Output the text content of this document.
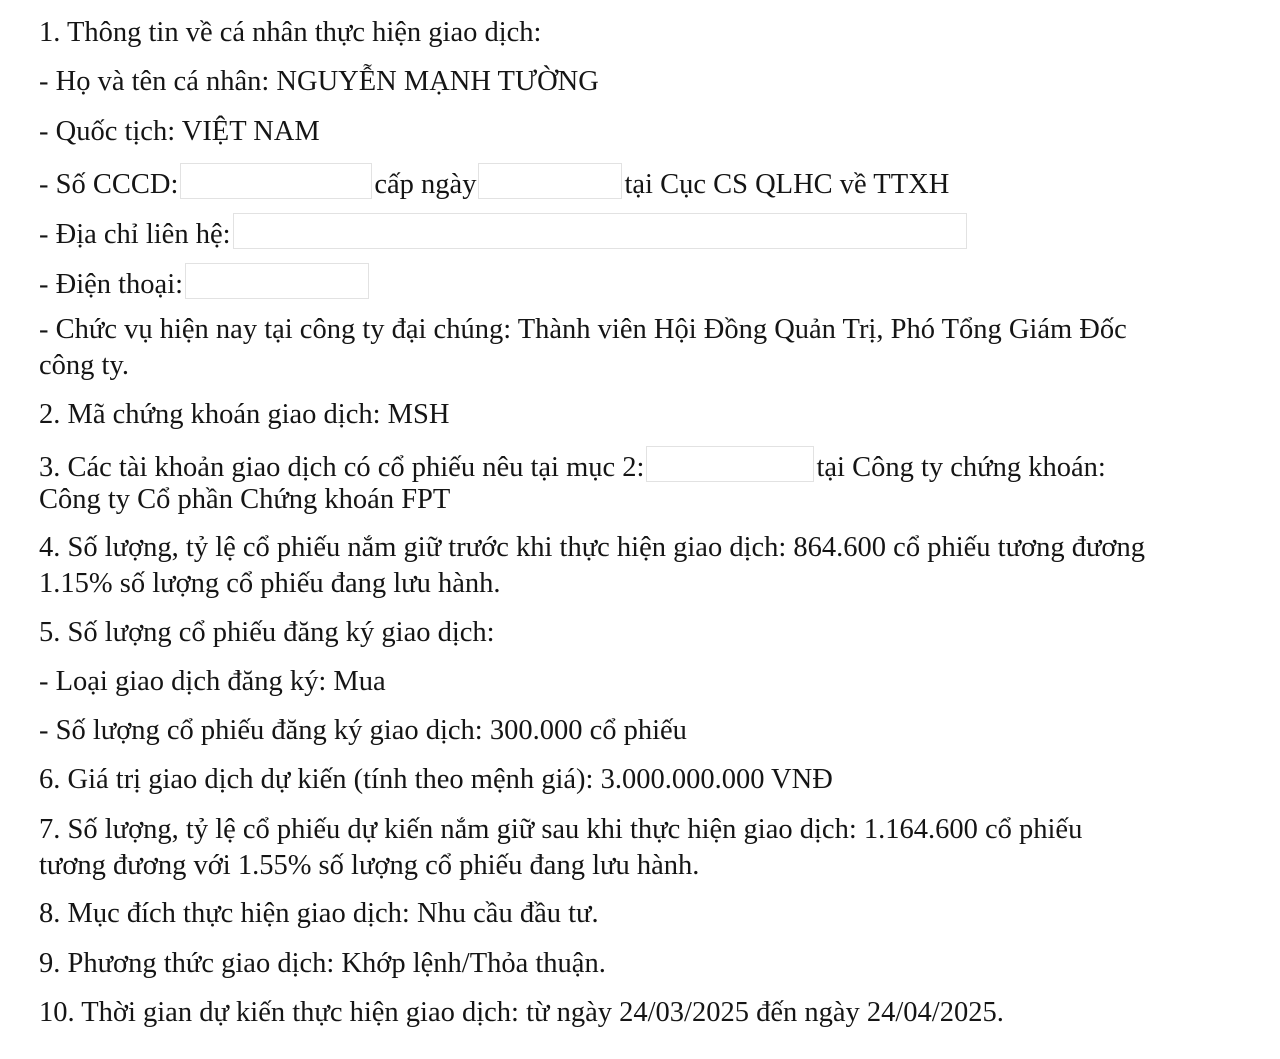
1. Thông tin về cá nhân thực hiện giao dịch:
- Họ và tên cá nhân: NGUYỄN MẠNH TƯỜNG
- Quốc tịch: VIỆT NAM
- Số CCCD:	cấp ngày	tại Cục CS QLHC về TTXH
- Địa chỉ liên hệ:
- Điện thoại:
- Chức vụ hiện nay tại công ty đại chúng: Thành viên Hội Đồng Quản Trị, Phó Tổng Giám Đốc
công ty.
2. Mã chứng khoán giao dịch: MSH
3. Các tài khoản giao dịch có cổ phiếu nêu tại mục 2:	tại Công ty chứng khoán:
Công ty Cổ phần Chứng khoán FPT
4. Số lượng, tỷ lệ cổ phiếu nắm giữ trước khi thực hiện giao dịch: 864.600 cổ phiếu tương đương
1.15% số lượng cổ phiếu đang lưu hành.
5. Số lượng cổ phiếu đăng ký giao dịch:
- Loại giao dịch đăng ký: Mua
- Số lượng cổ phiếu đăng ký giao dịch: 300.000 cổ phiếu
6. Giá trị giao dịch dự kiến (tính theo mệnh giá): 3.000.000.000 VNĐ
7. Số lượng, tỷ lệ cổ phiếu dự kiến nắm giữ sau khi thực hiện giao dịch: 1.164.600 cổ phiếu
tương đương với 1.55% số lượng cổ phiếu đang lưu hành.
8. Mục đích thực hiện giao dịch: Nhu cầu đầu tư.
9. Phương thức giao dịch: Khớp lệnh/Thỏa thuận.
10. Thời gian dự kiến thực hiện giao dịch: từ ngày 24/03/2025 đến ngày 24/04/2025.
